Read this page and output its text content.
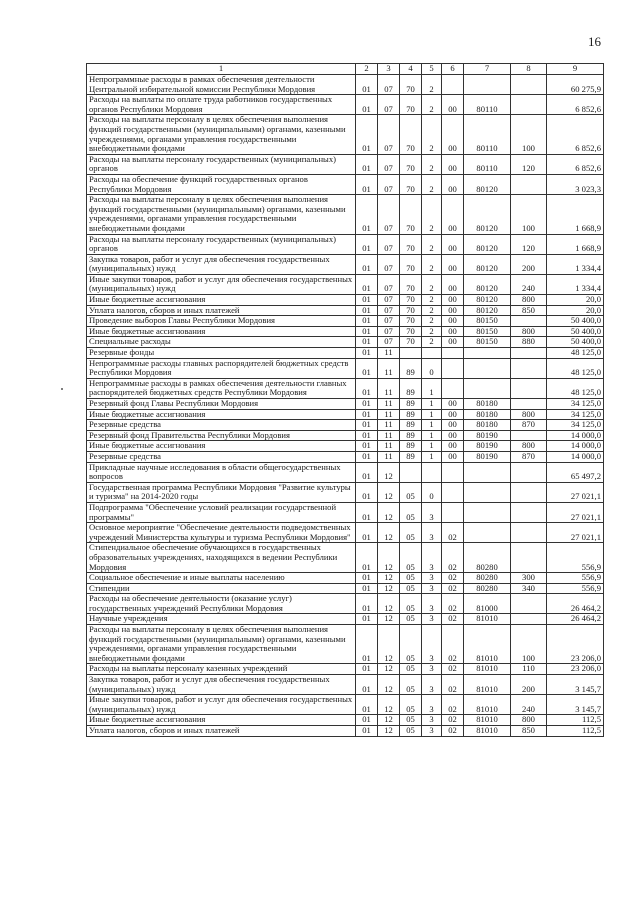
16
1	2	3	4	5	6	7	8	9
Непрограммные расходы в рамках обеспечения деятельности Центральной избирательной комиссии Республики Мордовия	01	07	70	2				60 275,9
Расходы на выплаты по оплате труда работников государственных органов Республики Мордовия	01	07	70	2	00	80110		6 852,6
Расходы на выплаты персоналу в целях обеспечения выполнения функций государственными (муниципальными) органами, казенными учреждениями, органами управления государственными внебюджетными фондами	01	07	70	2	00	80110	100	6 852,6
Расходы на выплаты персоналу государственных (муниципальных) органов	01	07	70	2	00	80110	120	6 852,6
Расходы на обеспечение функций государственных органов Республики Мордовия	01	07	70	2	00	80120		3 023,3
Расходы на выплаты персоналу в целях обеспечения выполнения функций государственными (муниципальными) органами, казенными учреждениями, органами управления государственными внебюджетными фондами	01	07	70	2	00	80120	100	1 668,9
Расходы на выплаты персоналу государственных (муниципальных) органов	01	07	70	2	00	80120	120	1 668,9
Закупка товаров, работ и услуг для обеспечения государственных (муниципальных) нужд	01	07	70	2	00	80120	200	1 334,4
Иные закупки товаров, работ и услуг для обеспечения государственных (муниципальных) нужд	01	07	70	2	00	80120	240	1 334,4
Иные бюджетные ассигнования	01	07	70	2	00	80120	800	20,0
Уплата налогов, сборов и иных платежей	01	07	70	2	00	80120	850	20,0
Проведение выборов Главы Республики Мордовия	01	07	70	2	00	80150		50 400,0
Иные бюджетные ассигнования	01	07	70	2	00	80150	800	50 400,0
Специальные расходы	01	07	70	2	00	80150	880	50 400,0
Резервные фонды	01	11						48 125,0
Непрограммные расходы главных распорядителей бюджетных средств Республики Мордовия	01	11	89	0				48 125,0
Непрограммные расходы в рамках обеспечения деятельности главных распорядителей бюджетных средств Республики Мордовия	01	11	89	1				48 125,0
Резервный фонд Главы Республики Мордовия	01	11	89	1	00	80180		34 125,0
Иные бюджетные ассигнования	01	11	89	1	00	80180	800	34 125,0
Резервные средства	01	11	89	1	00	80180	870	34 125,0
Резервный фонд Правительства Республики Мордовия	01	11	89	1	00	80190		14 000,0
Иные бюджетные ассигнования	01	11	89	1	00	80190	800	14 000,0
Резервные средства	01	11	89	1	00	80190	870	14 000,0
Прикладные научные исследования в области общегосударственных вопросов	01	12						65 497,2
Государственная программа Республики Мордовия "Развитие культуры и туризма" на 2014-2020 годы	01	12	05	0				27 021,1
Подпрограмма "Обеспечение условий реализации государственной программы"	01	12	05	3				27 021,1
Основное мероприятие "Обеспечение деятельности подведомственных учреждений Министерства культуры и туризма Республики Мордовия"	01	12	05	3	02			27 021,1
Стипендиальное обеспечение обучающихся в государственных образовательных учреждениях, находящихся в ведении Республики Мордовия	01	12	05	3	02	80280		556,9
Социальное обеспечение и иные выплаты населению	01	12	05	3	02	80280	300	556,9
Стипендии	01	12	05	3	02	80280	340	556,9
Расходы на обеспечение деятельности (оказание услуг) государственных учреждений Республики Мордовия	01	12	05	3	02	81000		26 464,2
Научные учреждения	01	12	05	3	02	81010		26 464,2
Расходы на выплаты персоналу в целях обеспечения выполнения функций государственными (муниципальными) органами, казенными учреждениями, органами управления государственными внебюджетными фондами	01	12	05	3	02	81010	100	23 206,0
Расходы на выплаты персоналу казенных учреждений	01	12	05	3	02	81010	110	23 206,0
Закупка товаров, работ и услуг для обеспечения государственных (муниципальных) нужд	01	12	05	3	02	81010	200	3 145,7
Иные закупки товаров, работ и услуг для обеспечения государственных (муниципальных) нужд	01	12	05	3	02	81010	240	3 145,7
Иные бюджетные ассигнования	01	12	05	3	02	81010	800	112,5
Уплата налогов, сборов и иных платежей	01	12	05	3	02	81010	850	112,5
